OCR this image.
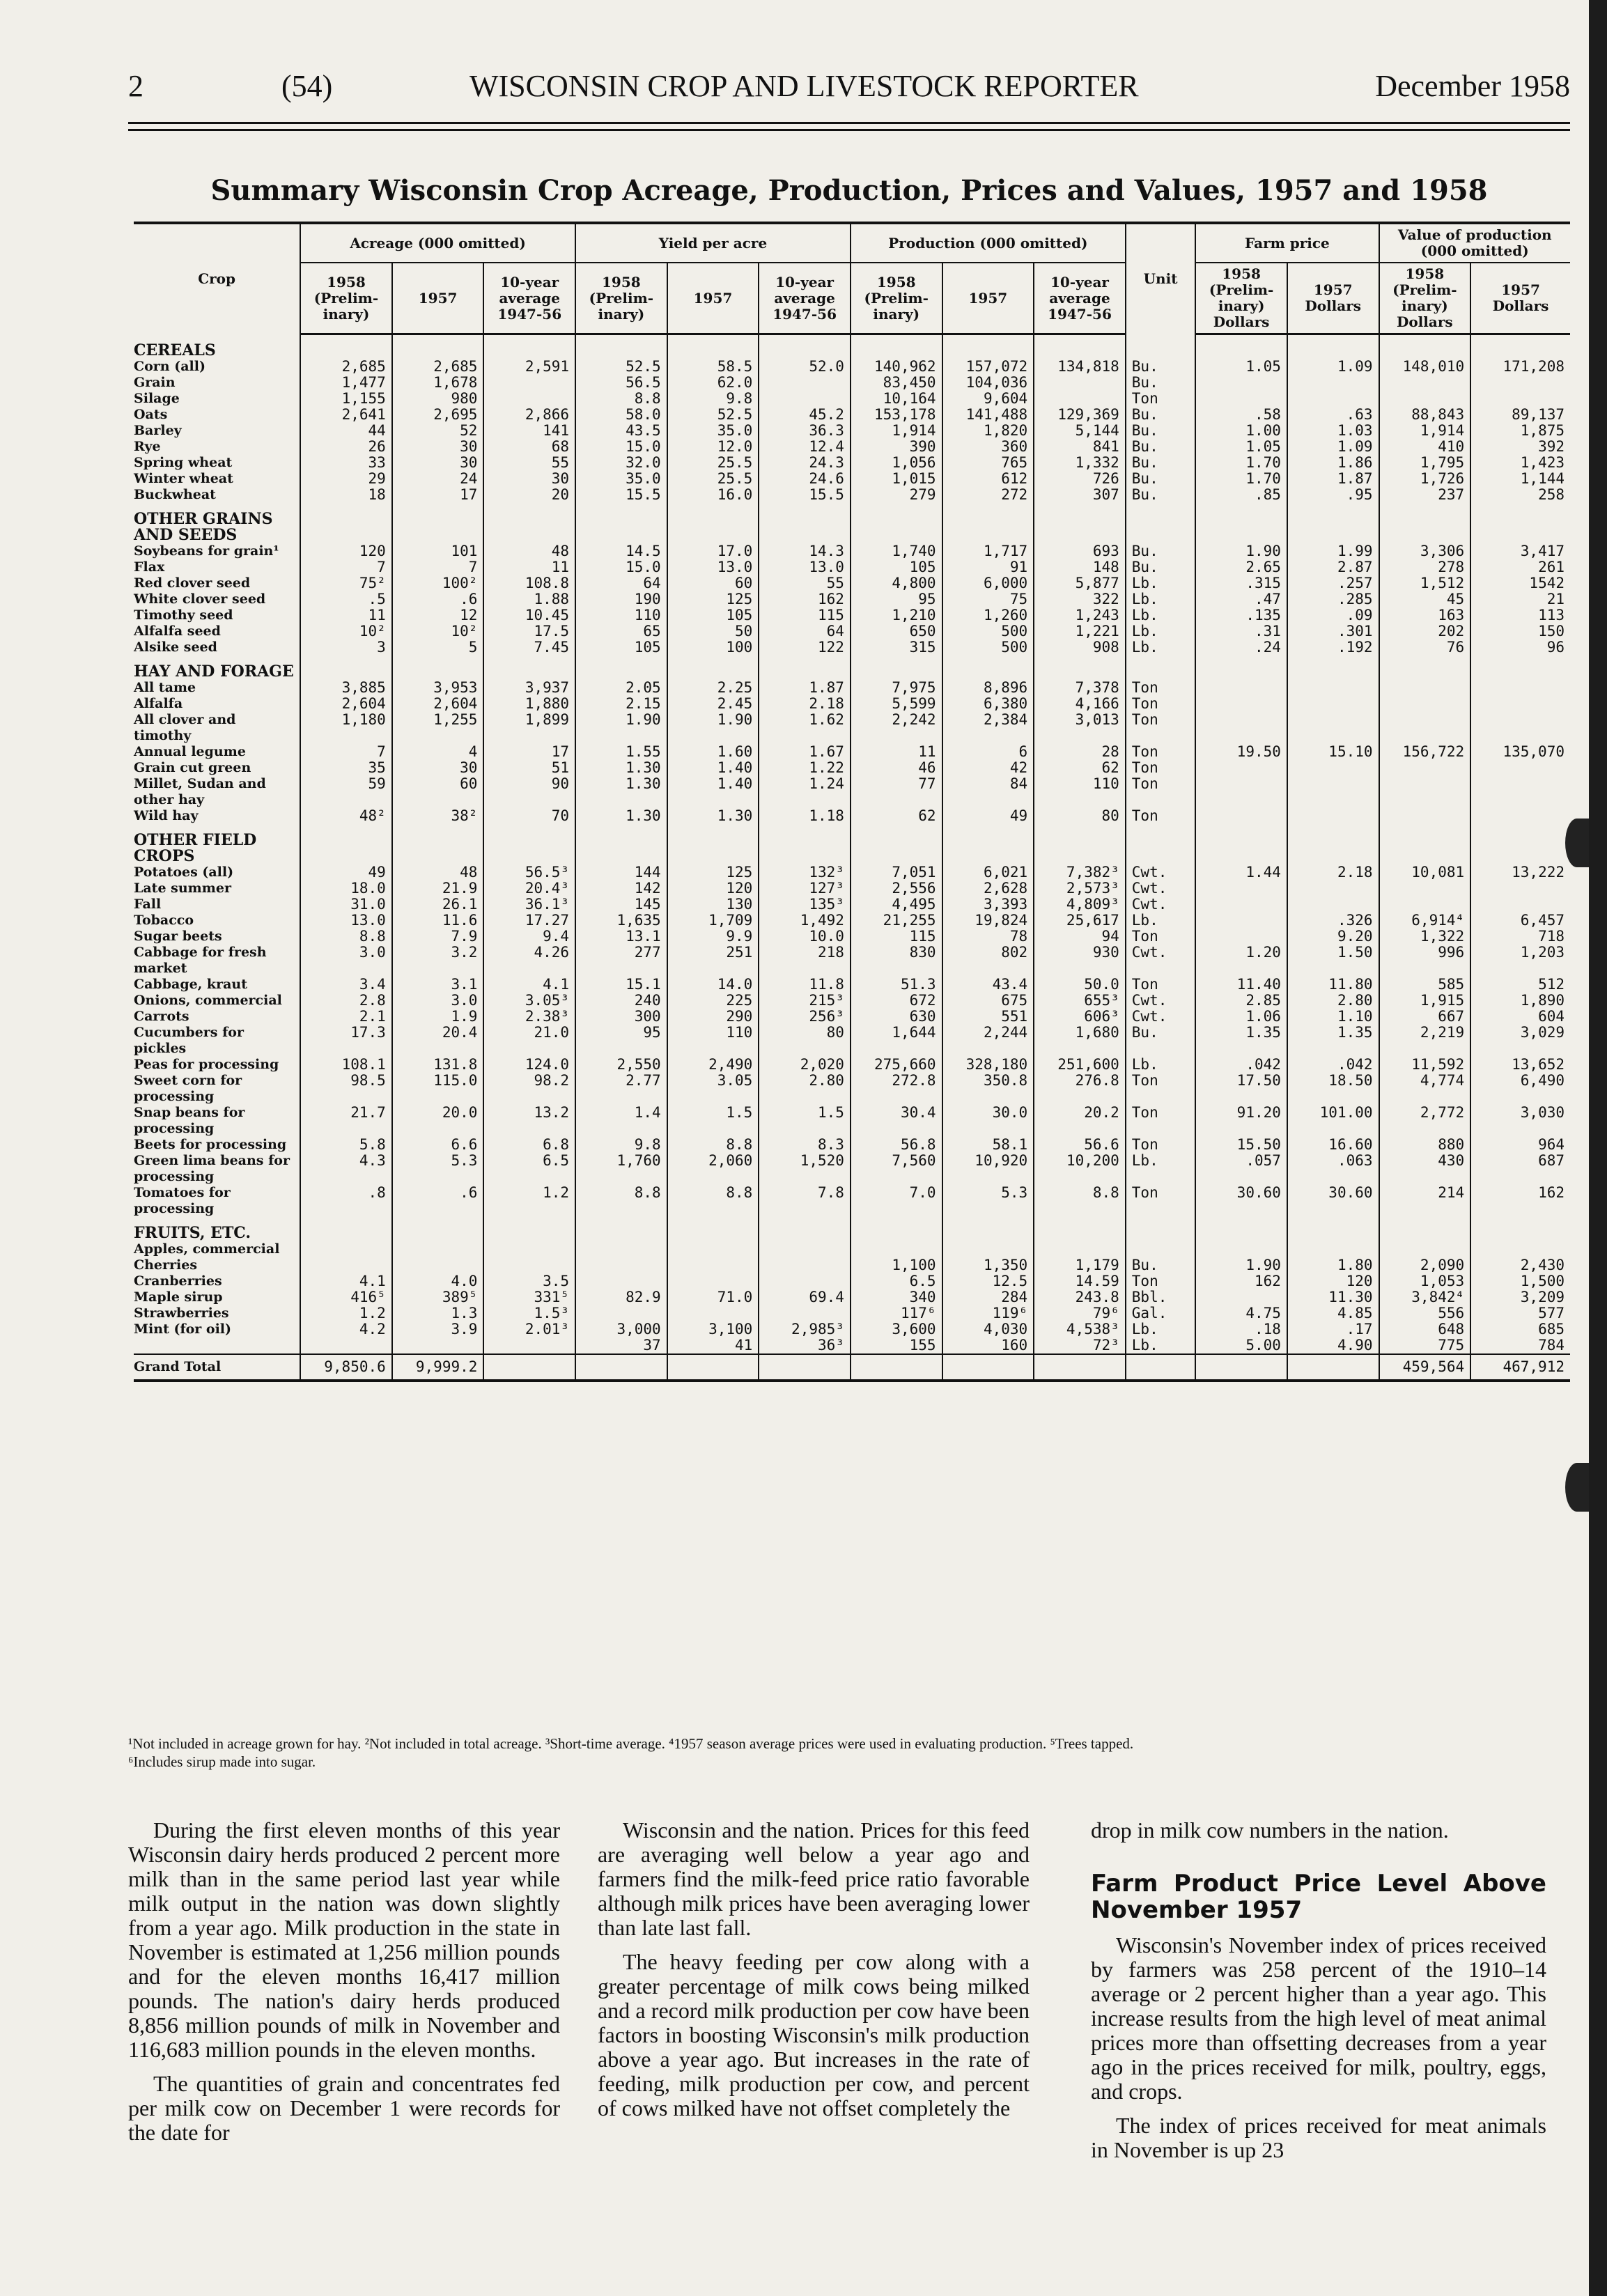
2	(54)	WISCONSIN CROP AND LIVESTOCK REPORTER	December 1958
Summary Wisconsin Crop Acreage, Production, Prices and Values, 1957 and 1958
Crop	Acreage (000 omitted)			Yield per acre			Production (000 omitted)			Unit	Farm price		Value of production (000 omitted)	
	1958 (Prelim-inary)	1957	10-year average 1947-56	1958 (Prelim-inary)	1957	10-year average 1947-56	1958 (Prelim-inary)	1957	10-year average 1947-56		1958 (Prelim-inary) Dollars	1957 Dollars	1958 (Prelim-inary) Dollars	1957 Dollars
CEREALS														
Corn (all)	2,685	2,685	2,591	52.5	58.5	52.0	140,962	157,072	134,818	Bu.	1.05	1.09	148,010	171,208
Grain	1,477	1,678		56.5	62.0		83,450	104,036		Bu.				
Silage	1,155	980		8.8	9.8		10,164	9,604		Ton				
Oats	2,641	2,695	2,866	58.0	52.5	45.2	153,178	141,488	129,369	Bu.	.58	.63	88,843	89,137
Barley	44	52	141	43.5	35.0	36.3	1,914	1,820	5,144	Bu.	1.00	1.03	1,914	1,875
Rye	26	30	68	15.0	12.0	12.4	390	360	841	Bu.	1.05	1.09	410	392
Spring wheat	33	30	55	32.0	25.5	24.3	1,056	765	1,332	Bu.	1.70	1.86	1,795	1,423
Winter wheat	29	24	30	35.0	25.5	24.6	1,015	612	726	Bu.	1.70	1.87	1,726	1,144
Buckwheat	18	17	20	15.5	16.0	15.5	279	272	307	Bu.	.85	.95	237	258
OTHER GRAINS AND SEEDS														
Soybeans for grain¹	120	101	48	14.5	17.0	14.3	1,740	1,717	693	Bu.	1.90	1.99	3,306	3,417
Flax	7	7	11	15.0	13.0	13.0	105	91	148	Bu.	2.65	2.87	278	261
Red clover seed	75²	100²	108.8	64	60	55	4,800	6,000	5,877	Lb.	.315	.257	1,512	1542
White clover seed	.5	.6	1.88	190	125	162	95	75	322	Lb.	.47	.285	45	21
Timothy seed	11	12	10.45	110	105	115	1,210	1,260	1,243	Lb.	.135	.09	163	113
Alfalfa seed	10²	10²	17.5	65	50	64	650	500	1,221	Lb.	.31	.301	202	150
Alsike seed	3	5	7.45	105	100	122	315	500	908	Lb.	.24	.192	76	96
HAY AND FORAGE														
All tame	3,885	3,953	3,937	2.05	2.25	1.87	7,975	8,896	7,378	Ton				
Alfalfa	2,604	2,604	1,880	2.15	2.45	2.18	5,599	6,380	4,166	Ton				
All clover and timothy	1,180	1,255	1,899	1.90	1.90	1.62	2,242	2,384	3,013	Ton				
Annual legume	7	4	17	1.55	1.60	1.67	11	6	28	Ton	19.50	15.10	156,722	135,070
Grain cut green	35	30	51	1.30	1.40	1.22	46	42	62	Ton				
Millet, Sudan and other hay	59	60	90	1.30	1.40	1.24	77	84	110	Ton				
Wild hay	48²	38²	70	1.30	1.30	1.18	62	49	80	Ton				
OTHER FIELD CROPS														
Potatoes (all)	49	48	56.5³	144	125	132³	7,051	6,021	7,382³	Cwt.	1.44	2.18	10,081	13,222
Late summer	18.0	21.9	20.4³	142	120	127³	2,556	2,628	2,573³	Cwt.				
Fall	31.0	26.1	36.1³	145	130	135³	4,495	3,393	4,809³	Cwt.				
Tobacco	13.0	11.6	17.27	1,635	1,709	1,492	21,255	19,824	25,617	Lb.		.326	6,914⁴	6,457
Sugar beets	8.8	7.9	9.4	13.1	9.9	10.0	115	78	94	Ton		9.20	1,322	718
Cabbage for fresh market	3.0	3.2	4.26	277	251	218	830	802	930	Cwt.	1.20	1.50	996	1,203
Cabbage, kraut	3.4	3.1	4.1	15.1	14.0	11.8	51.3	43.4	50.0	Ton	11.40	11.80	585	512
Onions, commercial	2.8	3.0	3.05³	240	225	215³	672	675	655³	Cwt.	2.85	2.80	1,915	1,890
Carrots	2.1	1.9	2.38³	300	290	256³	630	551	606³	Cwt.	1.06	1.10	667	604
Cucumbers for pickles	17.3	20.4	21.0	95	110	80	1,644	2,244	1,680	Bu.	1.35	1.35	2,219	3,029
Peas for processing	108.1	131.8	124.0	2,550	2,490	2,020	275,660	328,180	251,600	Lb.	.042	.042	11,592	13,652
Sweet corn for processing	98.5	115.0	98.2	2.77	3.05	2.80	272.8	350.8	276.8	Ton	17.50	18.50	4,774	6,490
Snap beans for processing	21.7	20.0	13.2	1.4	1.5	1.5	30.4	30.0	20.2	Ton	91.20	101.00	2,772	3,030
Beets for processing	5.8	6.6	6.8	9.8	8.8	8.3	56.8	58.1	56.6	Ton	15.50	16.60	880	964
Green lima beans for processing	4.3	5.3	6.5	1,760	2,060	1,520	7,560	10,920	10,200	Lb.	.057	.063	430	687
Tomatoes for processing	.8	.6	1.2	8.8	8.8	7.8	7.0	5.3	8.8	Ton	30.60	30.60	214	162
FRUITS, ETC.														
Apples, commercial														
Cherries							1,100	1,350	1,179	Bu.	1.90	1.80	2,090	2,430
Cranberries	4.1	4.0	3.5				6.5	12.5	14.59	Ton	162	120	1,053	1,500
Maple sirup	416⁵	389⁵	331⁵	82.9	71.0	69.4	340	284	243.8	Bbl.		11.30	3,842⁴	3,209
Strawberries	1.2	1.3	1.5³				117⁶	119⁶	79⁶	Gal.	4.75	4.85	556	577
Mint (for oil)	4.2	3.9	2.01³	3,000	3,100	2,985³	3,600	4,030	4,538³	Lb.	.18	.17	648	685
				37	41	36³	155	160	72³	Lb.	5.00	4.90	775	784
Grand Total	9,850.6	9,999.2											459,564	467,912
¹Not included in acreage grown for hay. ²Not included in total acreage. ³Short-time average. ⁴1957 season average prices were used in evaluating production. ⁵Trees tapped.
⁶Includes sirup made into sugar.

During the first eleven months of this year Wisconsin dairy herds produced 2 percent more milk than in the same period last year while milk output in the nation was down slightly from a year ago. Milk production in the state in November is estimated at 1,256 million pounds and for the eleven months 16,417 million pounds. The nation's dairy herds produced 8,856 million pounds of milk in November and 116,683 million pounds in the eleven months.

The quantities of grain and concentrates fed per milk cow on December 1 were records for the date for

Wisconsin and the nation. Prices for this feed are averaging well below a year ago and farmers find the milk-feed price ratio favorable although milk prices have been averaging lower than late last fall.

The heavy feeding per cow along with a greater percentage of milk cows being milked and a record milk production per cow have been factors in boosting Wisconsin's milk production above a year ago. But increases in the rate of feeding, milk production per cow, and percent of cows milked have not offset completely the

drop in milk cow numbers in the nation.

Farm Product Price Level Above November 1957

Wisconsin's November index of prices received by farmers was 258 percent of the 1910–14 average or 2 percent higher than a year ago. This increase results from the high level of meat animal prices more than offsetting decreases from a year ago in the prices received for milk, poultry, eggs, and crops.

The index of prices received for meat animals in November is up 23
